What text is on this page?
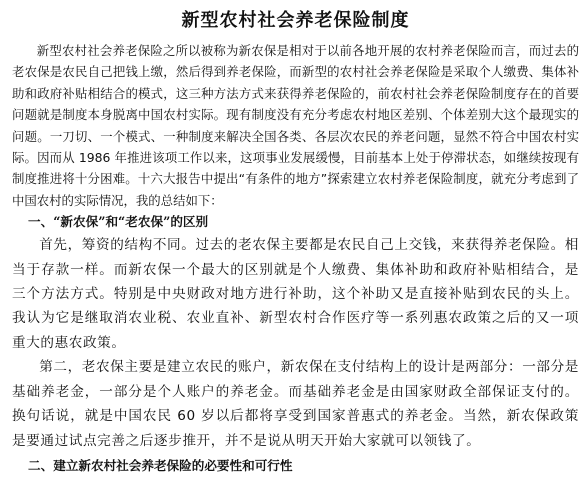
新型农村社会养老保险制度

新型农村社会养老保险之所以被称为新农保是相对于以前各地开展的农村养老保险而言，而过去的老农保是农民自己把钱上缴，然后得到养老保险，而新型的农村社会养老保险是采取个人缴费、集体补助和政府补贴相结合的模式，这三种方法方式来获得养老保险的，前农村社会养老保险制度存在的首要问题就是制度本身脱离中国农村实际。现有制度没有充分考虑农村地区差别、个体差别大这个最现实的问题。一刀切、一个模式、一种制度来解决全国各类、各层次农民的养老问题，显然不符合中国农村实际。因而从 1986 年推进该项工作以来，这项事业发展缓慢，目前基本上处于停滞状态，如继续按现有制度推进将十分困难。十六大报告中提出“有条件的地方”探索建立农村养老保险制度，就充分考虑到了中国农村的实际情况，我的总结如下：

一、“新农保”和“老农保”的区别

首先，筹资的结构不同。过去的老农保主要都是农民自己上交钱，来获得养老保险。相当于存款一样。而新农保一个最大的区别就是个人缴费、集体补助和政府补贴相结合，是三个方法方式。特别是中央财政对地方进行补助，这个补助又是直接补贴到农民的头上。我认为它是继取消农业税、农业直补、新型农村合作医疗等一系列惠农政策之后的又一项重大的惠农政策。

第二，老农保主要是建立农民的账户，新农保在支付结构上的设计是两部分：一部分是基础养老金，一部分是个人账户的养老金。而基础养老金是由国家财政全部保证支付的。换句话说，就是中国农民 60 岁以后都将享受到国家普惠式的养老金。当然，新农保政策是要通过试点完善之后逐步推开，并不是说从明天开始大家就可以领钱了。

二、建立新农村社会养老保险的必要性和可行性
